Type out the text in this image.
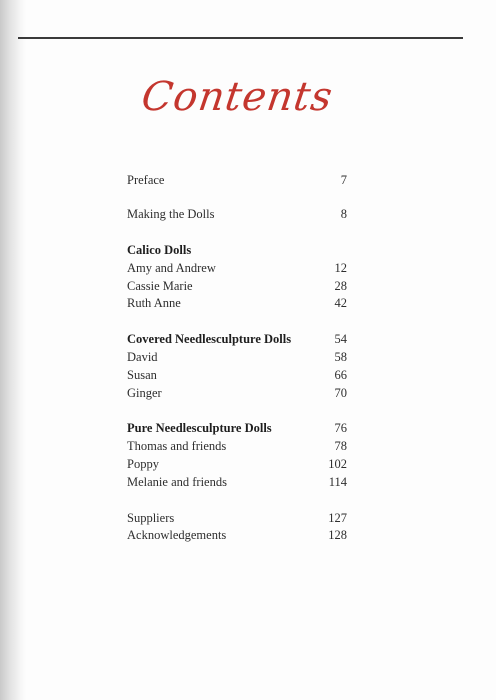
Contents
Preface	7
Making the Dolls	8
Calico Dolls
Amy and Andrew	12
Cassie Marie	28
Ruth Anne	42
Covered Needlesculpture Dolls	54
David	58
Susan	66
Ginger	70
Pure Needlesculpture Dolls	76
Thomas and friends	78
Poppy	102
Melanie and friends	114
Suppliers	127
Acknowledgements	128
